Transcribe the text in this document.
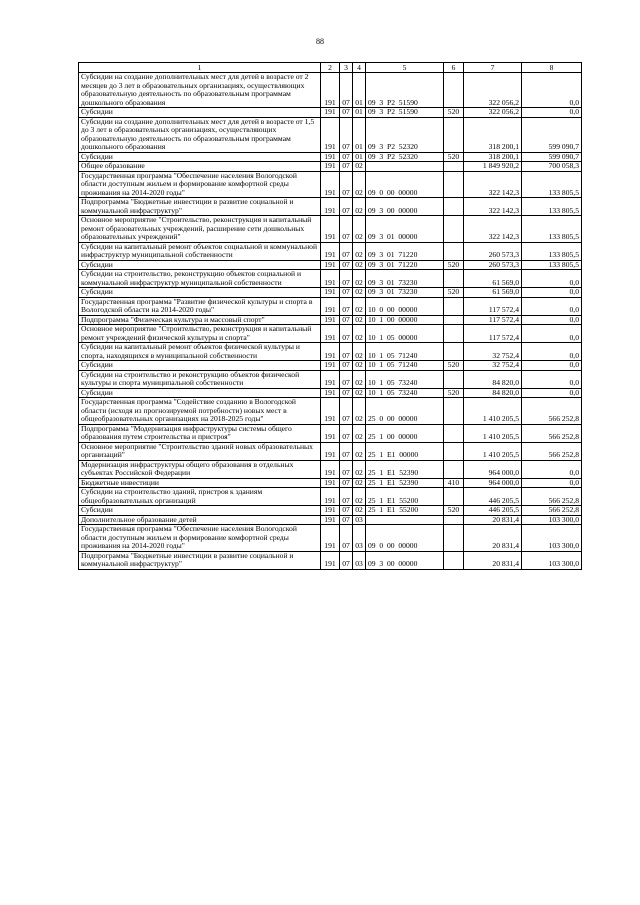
88
1	2	3	4	5	6	7	8
Субсидии на создание дополнительных мест для детей в возрасте от 2 месяцев до 3 лет в образовательных организациях, осуществляющих образовательную деятельность по образовательным программам дошкольного образования	191	07	01	09  3  P2  51590		322 056,2	0,0
Субсидии	191	07	01	09  3  P2  51590	520	322 056,2	0,0
Субсидии на создание дополнительных мест для детей в возрасте от 1,5 до 3 лет в образовательных организациях, осуществляющих образовательную деятельность по образовательным программам дошкольного образования	191	07	01	09  3  P2  52320		318 200,1	599 090,7
Субсидии	191	07	01	09  3  P2  52320	520	318 200,1	599 090,7
Общее образование	191	07	02			1 849 920,2	700 058,3
Государственная программа "Обеспечение населения Вологодской области доступным жильем и формирование комфортной среды проживания на 2014-2020 годы"	191	07	02	09  0  00  00000		322 142,3	133 805,5
Подпрограмма "Бюджетные инвестиции в развитие социальной и коммунальной инфраструктур"	191	07	02	09  3  00  00000		322 142,3	133 805,5
Основное мероприятие "Строительство, реконструкция и капитальный ремонт образовательных учреждений, расширение сети дошкольных образовательных учреждений"	191	07	02	09  3  01  00000		322 142,3	133 805,5
Субсидии на капитальный ремонт объектов социальной и коммунальной инфраструктур муниципальной собственности	191	07	02	09  3  01  71220		260 573,3	133 805,5
Субсидии	191	07	02	09  3  01  71220	520	260 573,3	133 805,5
Субсидии на строительство, реконструкцию объектов социальной и коммунальной инфраструктур муниципальной собственности	191	07	02	09  3  01  73230		61 569,0	0,0
Субсидии	191	07	02	09  3  01  73230	520	61 569,0	0,0
Государственная программа "Развитие физической культуры и спорта в Вологодской области на 2014-2020 годы"	191	07	02	10  0  00  00000		117 572,4	0,0
Подпрограмма "Физическая культура и массовый спорт"	191	07	02	10  1  00  00000		117 572,4	0,0
Основное мероприятие "Строительство, реконструкция и капитальный ремонт учреждений физической культуры и спорта"	191	07	02	10  1  05  00000		117 572,4	0,0
Субсидии на капитальный ремонт объектов физической культуры и спорта, находящихся в муниципальной собственности	191	07	02	10  1  05  71240		32 752,4	0,0
Субсидии	191	07	02	10  1  05  71240	520	32 752,4	0,0
Субсидии на строительство и реконструкцию объектов физической культуры и спорта муниципальной собственности	191	07	02	10  1  05  73240		84 820,0	0,0
Субсидии	191	07	02	10  1  05  73240	520	84 820,0	0,0
Государственная программа "Содействие созданию в Вологодской области (исходя из прогнозируемой потребности) новых мест в общеобразовательных организациях на 2018-2025 годы"	191	07	02	25  0  00  00000		1 410 205,5	566 252,8
Подпрограмма "Модернизация инфраструктуры системы общего образования путем строительства и пристроя"	191	07	02	25  1  00  00000		1 410 205,5	566 252,8
Основное мероприятие "Строительство зданий новых образовательных организаций"	191	07	02	25  1  E1  00000		1 410 205,5	566 252,8
Модернизация инфраструктуры общего образования в отдельных субъектах Российской Федерации	191	07	02	25  1  E1  52390		964 000,0	0,0
Бюджетные инвестиции	191	07	02	25  1  E1  52390	410	964 000,0	0,0
Субсидии на строительство зданий, пристроя к зданиям общеобразовательных организаций	191	07	02	25  1  E1  55200		446 205,5	566 252,8
Субсидии	191	07	02	25  1  E1  55200	520	446 205,5	566 252,8
Дополнительное образование детей	191	07	03			20 831,4	103 300,0
Государственная программа "Обеспечение населения Вологодской области доступным жильем и формирование комфортной среды проживания на 2014-2020 годы"	191	07	03	09  0  00  00000		20 831,4	103 300,0
Подпрограмма "Бюджетные инвестиции в развитие социальной и коммунальной инфраструктур"	191	07	03	09  3  00  00000		20 831,4	103 300,0
